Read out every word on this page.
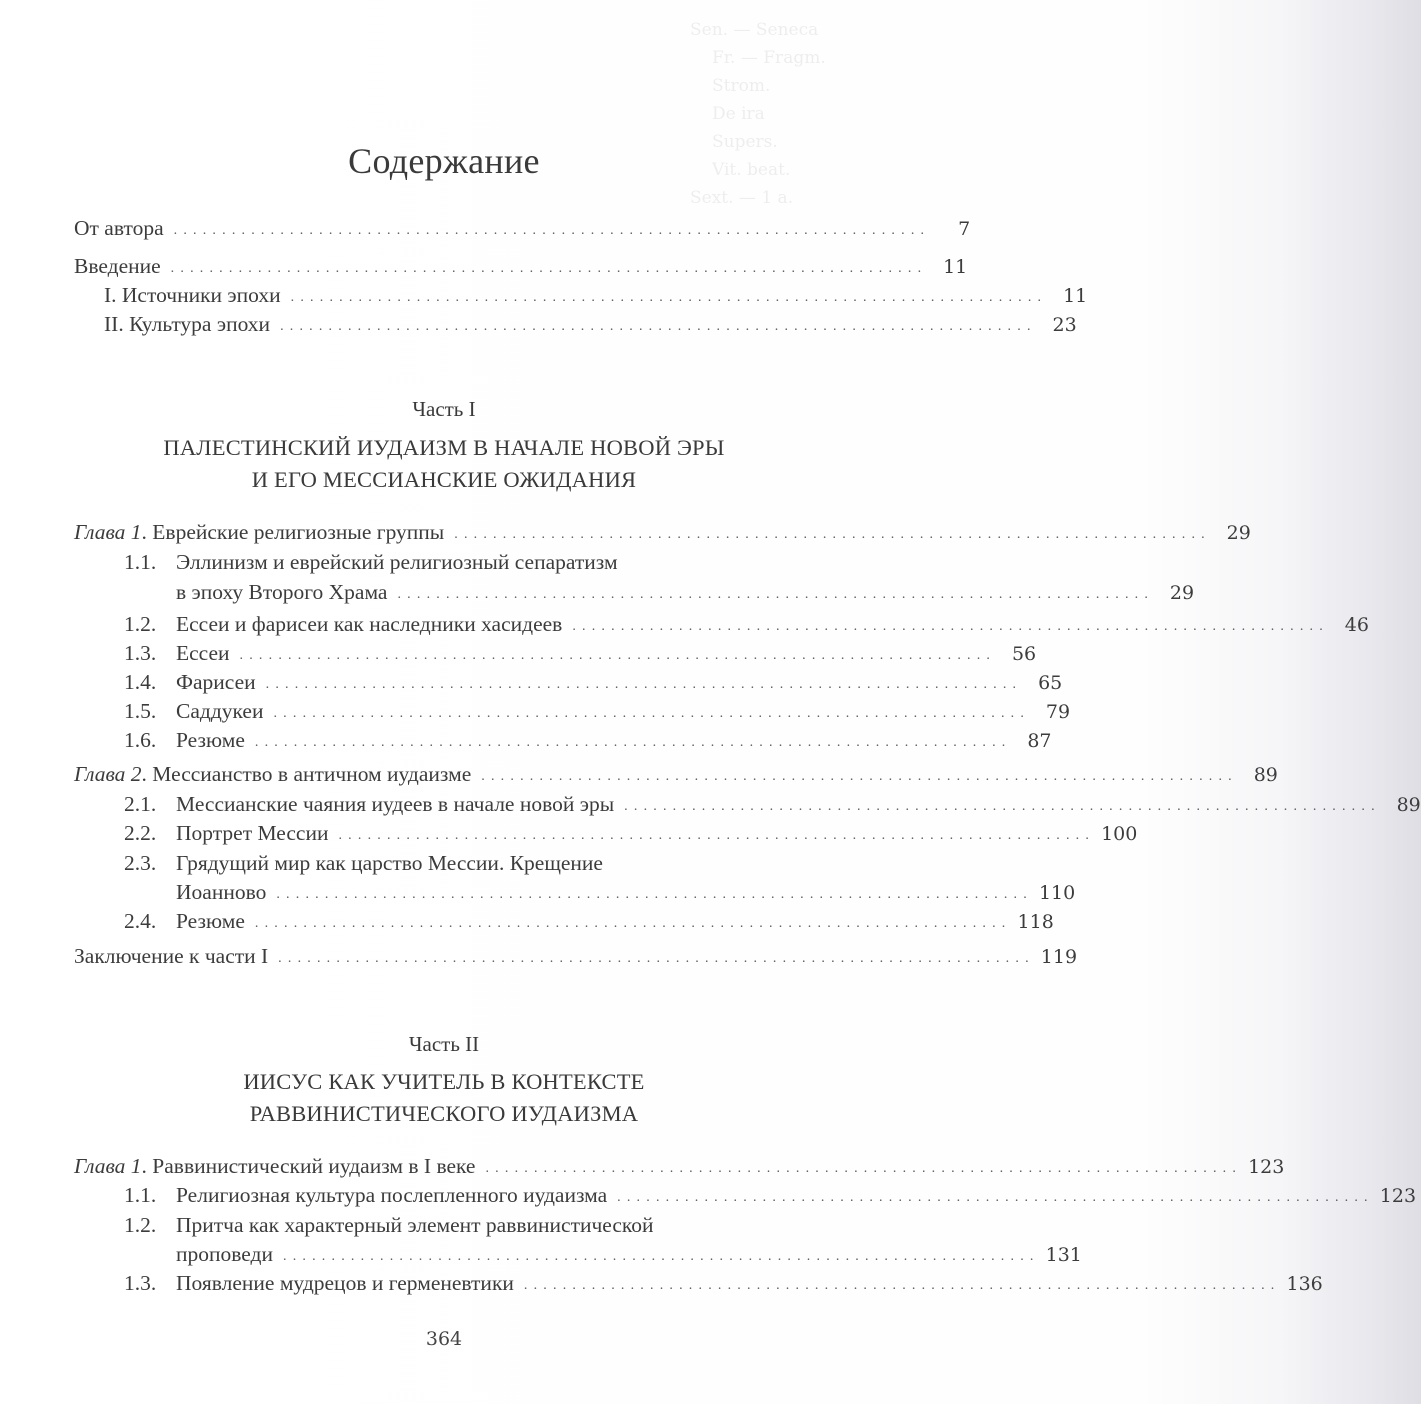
Sen. — Seneca
Fr. — Fragm.
Strom.
De ira
Supers.
Vit. beat.
Sext. — 1 a.
Содержание
От автора ..............................................................................	7
Введение .............................................................................. 11
I. Источники эпохи .............................................................................. 11
II. Культура эпохи .............................................................................. 23
Часть I
ПАЛЕСТИНСКИЙ ИУДАИЗМ В НАЧАЛЕ НОВОЙ ЭРЫ
И ЕГО МЕССИАНСКИЕ ОЖИДАНИЯ
Глава 1 . Еврейские религиозные группы .............................................................................. 29
1.1. Эллинизм и еврейский религиозный сепаратизм
в эпоху Второго Храма .............................................................................. 29
1.2. Ессеи и фарисеи как наследники хасидеев .............................................................................. 46
1.3. Ессеи .............................................................................. 56
1.4. Фарисеи .............................................................................. 65
1.5. Саддукеи .............................................................................. 79
1.6. Резюме .............................................................................. 87
Глава 2 . Мессианство в античном иудаизме .............................................................................. 89
2.1. Мессианские чаяния иудеев в начале новой эры .............................................................................. 89
2.2. Портрет Мессии .............................................................................. 100
2.3. Грядущий мир как царство Мессии. Крещение
Иоанново .............................................................................. 110
2.4. Резюме .............................................................................. 118
Заключение к части I .............................................................................. 119
Часть II
ИИСУС КАК УЧИТЕЛЬ В КОНТЕКСТЕ
РАВВИНИСТИЧЕСКОГО ИУДАИЗМА
Глава 1 . Раввинистический иудаизм в I веке .............................................................................. 123
1.1. Религиозная культура послепленного иудаизма .............................................................................. 123
1.2. Притча как характерный элемент раввинистической
проповеди .............................................................................. 131
1.3. Появление мудрецов и герменевтики .............................................................................. 136
364
